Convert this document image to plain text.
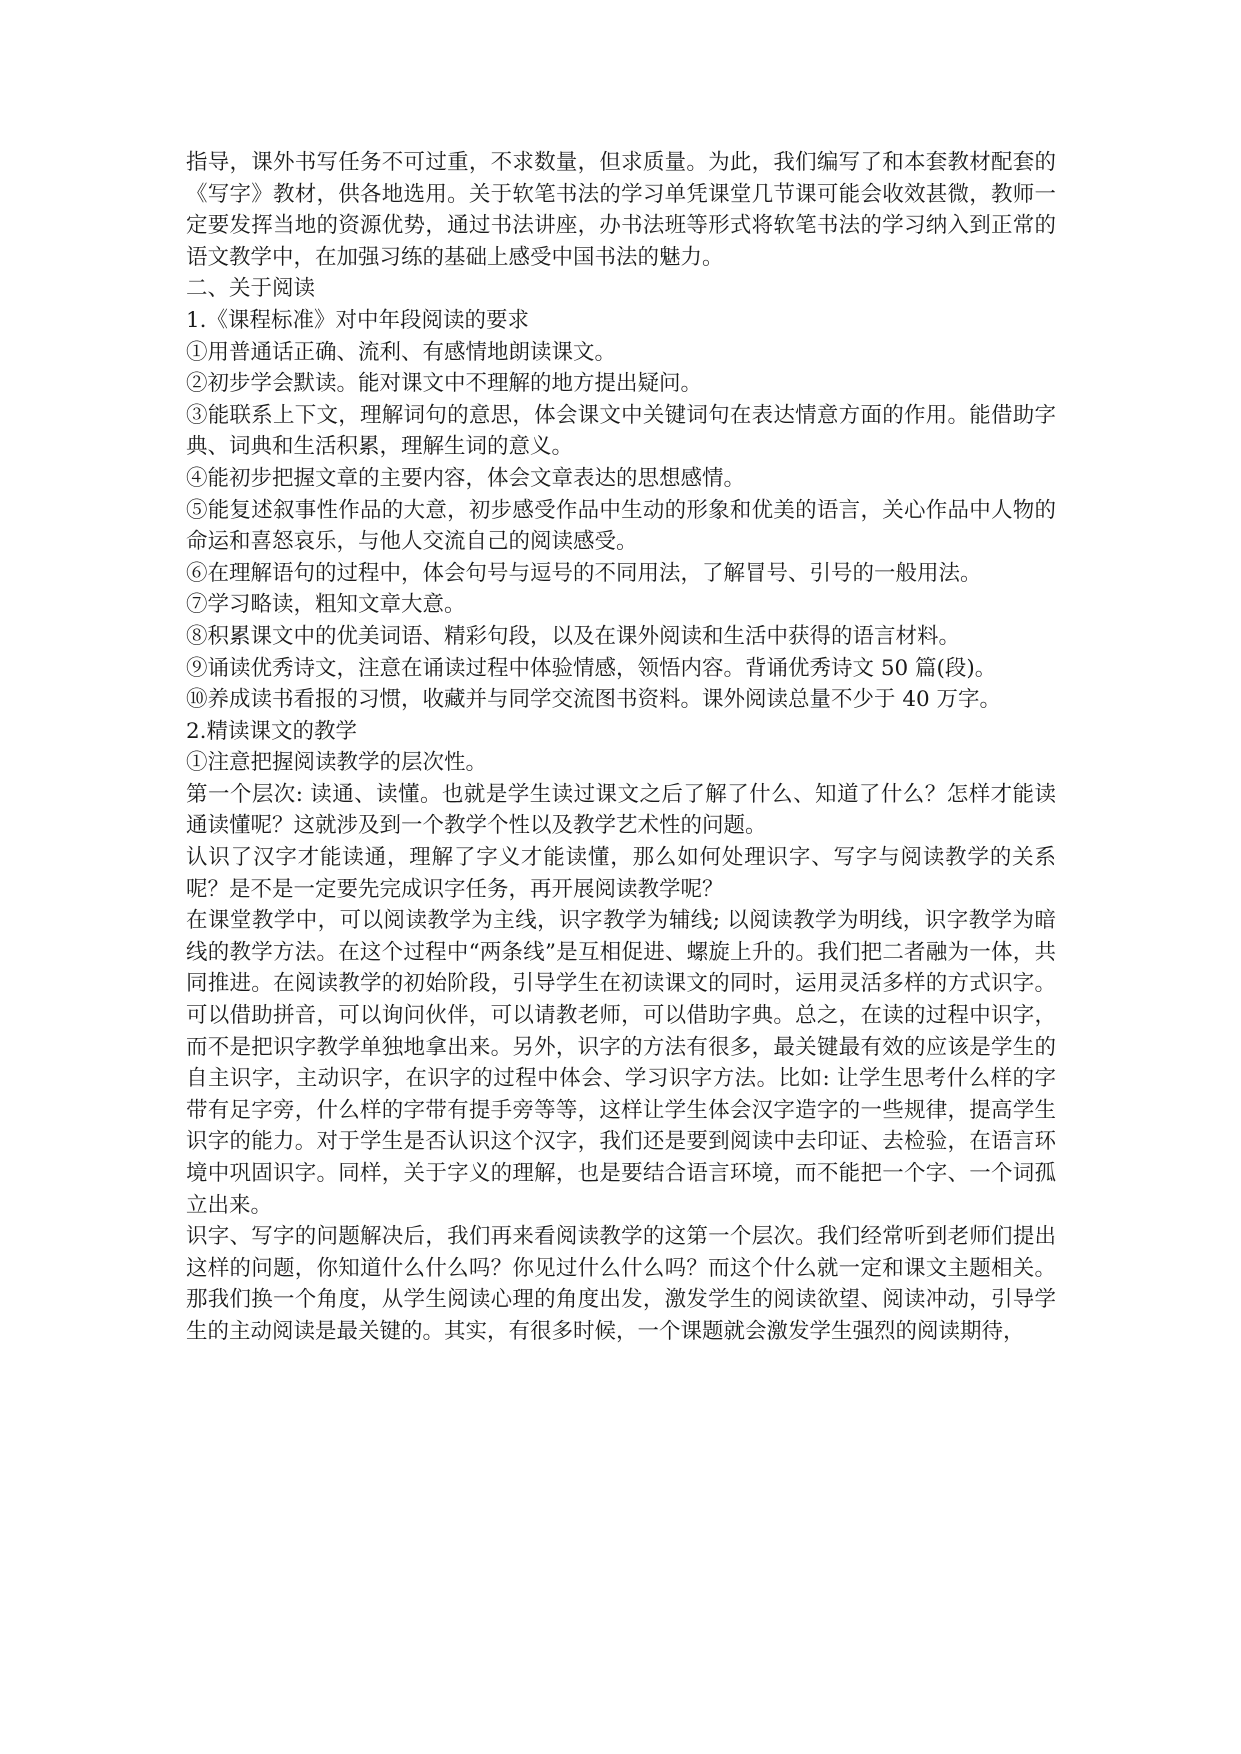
指导，课外书写任务不可过重，不求数量，但求质量。为此，我们编写了和本套教材配套的《写字》教材，供各地选用。关于软笔书法的学习单凭课堂几节课可能会收效甚微，教师一定要发挥当地的资源优势，通过书法讲座，办书法班等形式将软笔书法的学习纳入到正常的语文教学中，在加强习练的基础上感受中国书法的魅力。

二、关于阅读

1.《课程标准》对中年段阅读的要求

①用普通话正确、流利、有感情地朗读课文。

②初步学会默读。能对课文中不理解的地方提出疑问。

③能联系上下文，理解词句的意思，体会课文中关键词句在表达情意方面的作用。能借助字典、词典和生活积累，理解生词的意义。

④能初步把握文章的主要内容，体会文章表达的思想感情。

⑤能复述叙事性作品的大意，初步感受作品中生动的形象和优美的语言，关心作品中人物的命运和喜怒哀乐，与他人交流自己的阅读感受。

⑥在理解语句的过程中，体会句号与逗号的不同用法，了解冒号、引号的一般用法。

⑦学习略读，粗知文章大意。

⑧积累课文中的优美词语、精彩句段，以及在课外阅读和生活中获得的语言材料。

⑨诵读优秀诗文，注意在诵读过程中体验情感，领悟内容。背诵优秀诗文 50 篇(段)。

⑩养成读书看报的习惯，收藏并与同学交流图书资料。课外阅读总量不少于 40 万字。

2.精读课文的教学

①注意把握阅读教学的层次性。

第一个层次: 读通、读懂。也就是学生读过课文之后了解了什么、知道了什么？怎样才能读通读懂呢？这就涉及到一个教学个性以及教学艺术性的问题。

认识了汉字才能读通，理解了字义才能读懂，那么如何处理识字、写字与阅读教学的关系呢？是不是一定要先完成识字任务，再开展阅读教学呢？

在课堂教学中，可以阅读教学为主线，识字教学为辅线; 以阅读教学为明线，识字教学为暗线的教学方法。在这个过程中“两条线”是互相促进、螺旋上升的。我们把二者融为一体，共同推进。在阅读教学的初始阶段，引导学生在初读课文的同时，运用灵活多样的方式识字。可以借助拼音，可以询问伙伴，可以请教老师，可以借助字典。总之，在读的过程中识字，而不是把识字教学单独地拿出来。另外，识字的方法有很多，最关键最有效的应该是学生的自主识字，主动识字，在识字的过程中体会、学习识字方法。比如: 让学生思考什么样的字带有足字旁，什么样的字带有提手旁等等，这样让学生体会汉字造字的一些规律，提高学生识字的能力。对于学生是否认识这个汉字，我们还是要到阅读中去印证、去检验，在语言环境中巩固识字。同样，关于字义的理解，也是要结合语言环境，而不能把一个字、一个词孤立出来。

识字、写字的问题解决后，我们再来看阅读教学的这第一个层次。我们经常听到老师们提出这样的问题，你知道什么什么吗？你见过什么什么吗？而这个什么就一定和课文主题相关。那我们换一个角度，从学生阅读心理的角度出发，激发学生的阅读欲望、阅读冲动，引导学生的主动阅读是最关键的。其实，有很多时候，一个课题就会激发学生强烈的阅读期待，
